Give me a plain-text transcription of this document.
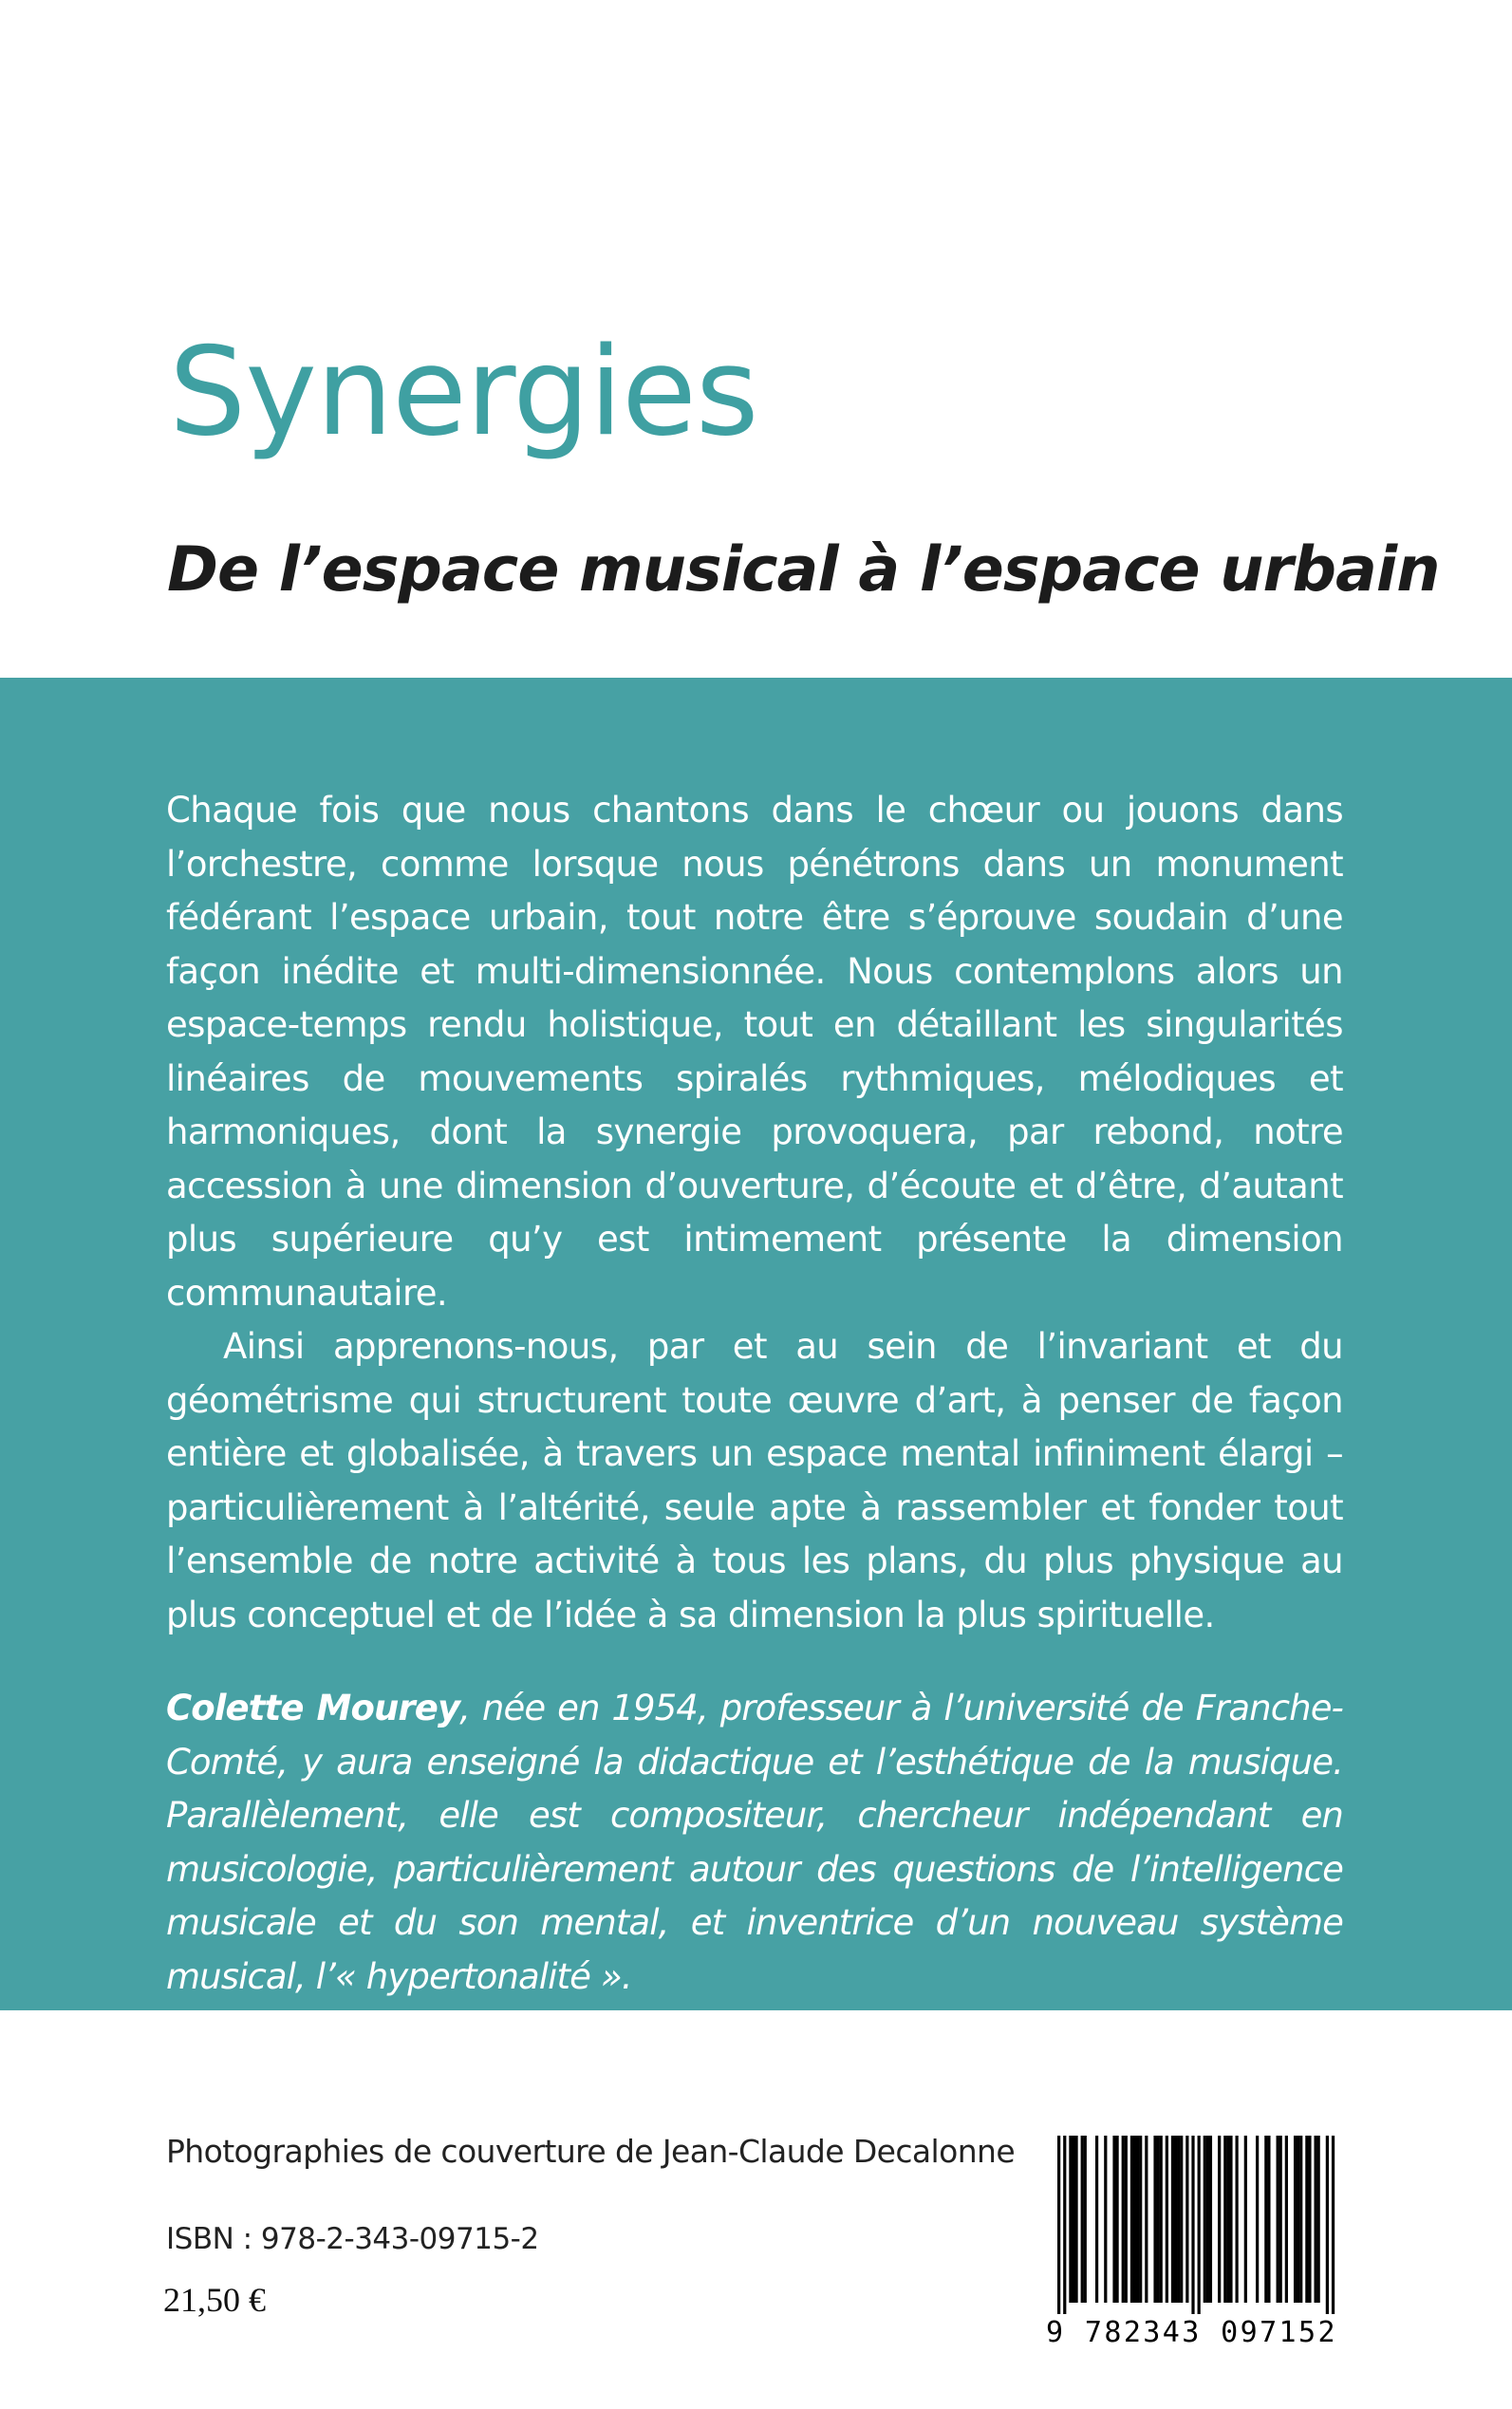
Synergies
De l’espace musical à l’espace urbain

Chaque fois que nous chantons dans le chœur ou jouons dans l’orchestre, comme lorsque nous pénétrons dans un monument fédérant l’espace urbain, tout notre être s’éprouve soudain d’une façon inédite et multi-dimensionnée. Nous contemplons alors un espace-temps rendu holistique, tout en détaillant les singularités linéaires de mouvements spiralés rythmiques, mélodiques et harmoniques, dont la synergie provoquera, par rebond, notre accession à une dimension d’ouverture, d’écoute et d’être, d’autant plus supérieure qu’y est intimement présente la dimension communautaire.

Ainsi apprenons-nous, par et au sein de l’invariant et du géométrisme qui structurent toute œuvre d’art, à penser de façon entière et globalisée, à travers un espace mental infiniment élargi – particulièrement à l’altérité, seule apte à rassembler et fonder tout l’ensemble de notre activité à tous les plans, du plus physique au plus conceptuel et de l’idée à sa dimension la plus spirituelle.

Colette Mourey, née en 1954, professeur à l’université de Franche-Comté, y aura enseigné la didactique et l’esthétique de la musique. Parallèlement, elle est compositeur, chercheur indépendant en musicologie, particulièrement autour des questions de l’intelligence musicale et du son mental, et inventrice d’un nouveau système musical, l’« hypertonalité ».

Photographies de couverture de Jean-Claude Decalonne
ISBN : 978-2-343-09715-2
21,50 €
9 782343 097152
